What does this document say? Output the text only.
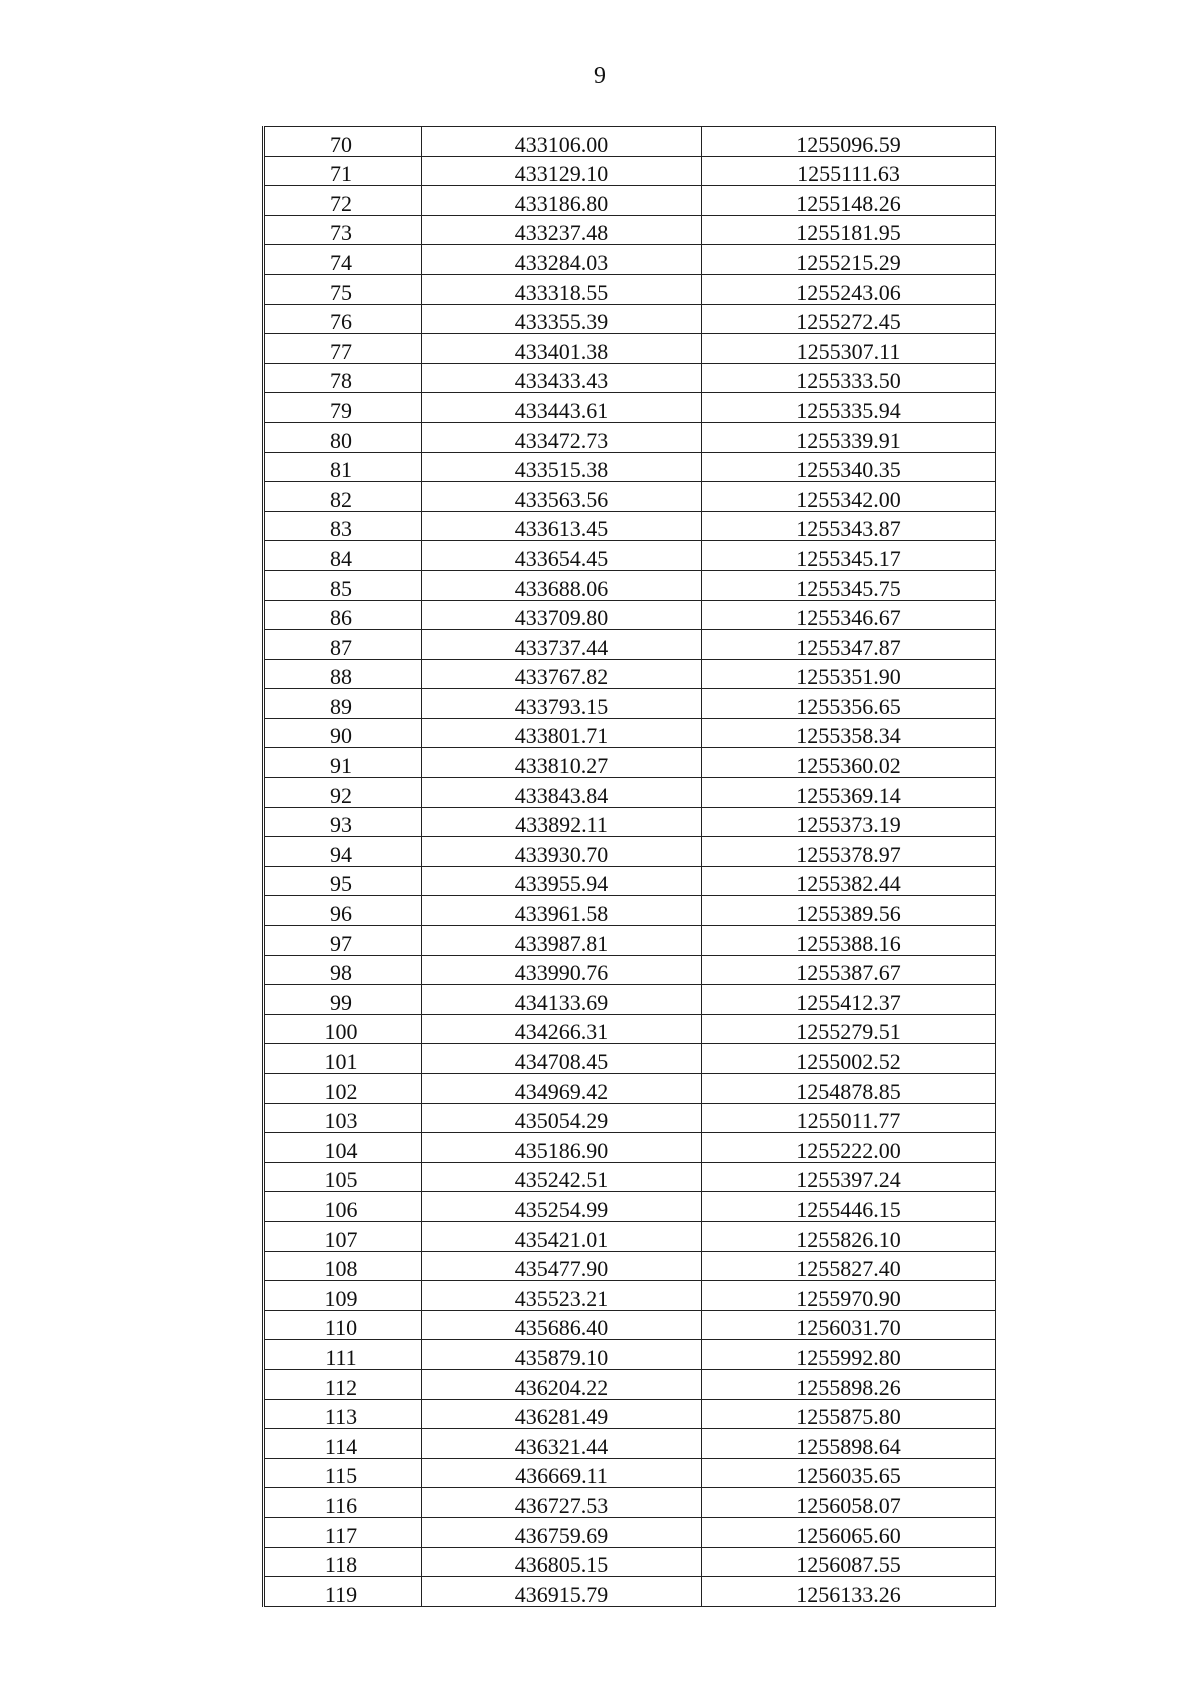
9
70	433106.00	1255096.59
71	433129.10	1255111.63
72	433186.80	1255148.26
73	433237.48	1255181.95
74	433284.03	1255215.29
75	433318.55	1255243.06
76	433355.39	1255272.45
77	433401.38	1255307.11
78	433433.43	1255333.50
79	433443.61	1255335.94
80	433472.73	1255339.91
81	433515.38	1255340.35
82	433563.56	1255342.00
83	433613.45	1255343.87
84	433654.45	1255345.17
85	433688.06	1255345.75
86	433709.80	1255346.67
87	433737.44	1255347.87
88	433767.82	1255351.90
89	433793.15	1255356.65
90	433801.71	1255358.34
91	433810.27	1255360.02
92	433843.84	1255369.14
93	433892.11	1255373.19
94	433930.70	1255378.97
95	433955.94	1255382.44
96	433961.58	1255389.56
97	433987.81	1255388.16
98	433990.76	1255387.67
99	434133.69	1255412.37
100	434266.31	1255279.51
101	434708.45	1255002.52
102	434969.42	1254878.85
103	435054.29	1255011.77
104	435186.90	1255222.00
105	435242.51	1255397.24
106	435254.99	1255446.15
107	435421.01	1255826.10
108	435477.90	1255827.40
109	435523.21	1255970.90
110	435686.40	1256031.70
111	435879.10	1255992.80
112	436204.22	1255898.26
113	436281.49	1255875.80
114	436321.44	1255898.64
115	436669.11	1256035.65
116	436727.53	1256058.07
117	436759.69	1256065.60
118	436805.15	1256087.55
119	436915.79	1256133.26
